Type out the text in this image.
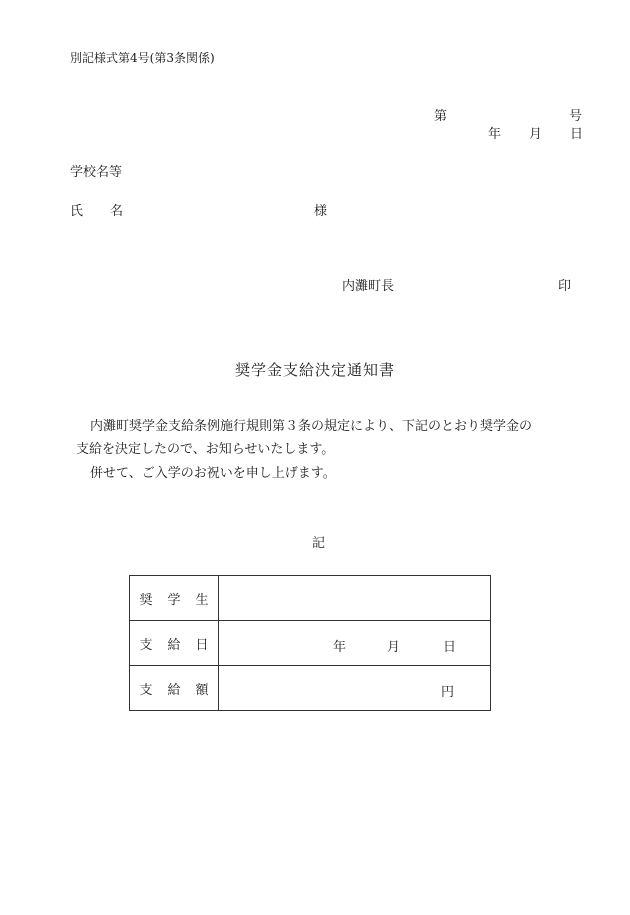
別記様式第4号(第3条関係)
第	号
年 月 日
学校名等
氏名	様
内灘町長	印
奨学金支給決定通知書
内灘町奨学金支給条例施行規則第３条の規定により、下記のとおり奨学金の
支給を決定したので、お知らせいたします。
併せて、ご入学のお祝いを申し上げます。
記
奨学生	
支給日	年 月 日

支給額	円
